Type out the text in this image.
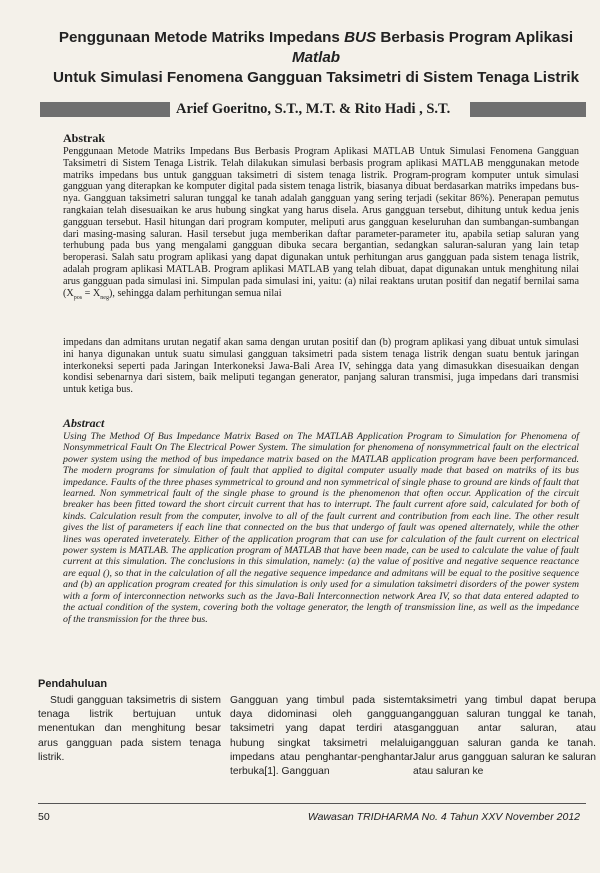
Penggunaan Metode Matriks Impedans BUS Berbasis Program Aplikasi Matlab
Untuk Simulasi Fenomena Gangguan Taksimetri di Sistem Tenaga Listrik
Arief Goeritno, S.T., M.T. & Rito Hadi , S.T.
Abstrak
Penggunaan Metode Matriks Impedans Bus Berbasis Program Aplikasi MATLAB Untuk Simulasi Fenomena Gangguan Taksimetri di Sistem Tenaga Listrik. Telah dilakukan simulasi berbasis program aplikasi MATLAB menggunakan metode matriks impedans bus untuk gangguan taksimetri di sistem tenaga listrik. Program-program komputer untuk simulasi gangguan yang diterapkan ke komputer digital pada sistem tenaga listrik, biasanya dibuat berdasarkan matriks impedans bus-nya. Gangguan taksimetri saluran tunggal ke tanah adalah gangguan yang sering terjadi (sekitar 86%). Penerapan pemutus rangkaian telah disesuaikan ke arus hubung singkat yang harus disela. Arus gangguan tersebut, dihitung untuk kedua jenis gangguan tersebut. Hasil hitungan dari program komputer, meliputi arus gangguan keseluruhan dan sumbangan-sumbangan dari masing-masing saluran. Hasil tersebut juga memberikan daftar parameter-parameter itu, apabila setiap saluran yang terhubung pada bus yang mengalami gangguan dibuka secara bergantian, sedangkan saluran-saluran yang lain tetap beroperasi. Salah satu program aplikasi yang dapat digunakan untuk perhitungan arus gangguan pada sistem tenaga listrik, adalah program aplikasi MATLAB. Program aplikasi MATLAB yang telah dibuat, dapat digunakan untuk menghitung nilai arus gangguan pada simulasi ini. Simpulan pada simulasi ini, yaitu: (a) nilai reaktans urutan positif dan negatif bernilai sama $(X_{pos} = X_{neg})$, sehingga dalam perhitungan semua nilai
impedans dan admitans urutan negatif akan sama dengan urutan positif dan (b) program aplikasi yang dibuat untuk simulasi ini hanya digunakan untuk suatu simulasi gangguan taksimetri pada sistem tenaga listrik dengan suatu bentuk jaringan interkoneksi seperti pada Jaringan Interkoneksi Jawa-Bali Area IV, sehingga data yang dimasukkan disesuaikan dengan kondisi sebenarnya dari sistem, baik meliputi tegangan generator, panjang saluran transmisi, juga impedans dari transmisi untuk ketiga bus.
Abstract
Using The Method Of Bus Impedance Matrix Based on The MATLAB Application Program to Simulation for Phenomena of Nonsymmetrical Fault On The Electrical Power System. The simulation for phenomena of nonsymmetrical fault on the electrical power system using the method of bus impedance matrix based on the MATLAB application program have been performanced. The modern programs for simulation of fault that applied to digital computer usually made that based on matriks of its bus impedance. Faults of the three phases symmetrical to ground and non symmetrical of single phase to ground are kinds of fault that learned. Non symmetrical fault of the single phase to ground is the phenomenon that often occur. Application of the circuit breaker has been fitted toward the short circuit current that has to interrupt. The fault current afore said, calculated for both of kinds. Calculation result from the computer, involve to all of the fault current and contribution from each line. The other result gives the list of parameters if each line that connected on the bus that undergo of fault was opened alternately, while the other lines was operated inveterately. Either of the application program that can use for calculation of the fault current on electrical power system is MATLAB. The application program of MATLAB that have been made, can be used to calculate the value of fault current at this simulation. The conclusions in this simulation, namely: (a) the value of positive and negative sequence reactance are equal (), so that in the calculation of all the negative sequence impedance and admitans will be equal to the positive sequence and (b) an application program created for this simulation is only used for a simulation taksimetri disorders of the power system with a form of interconnection networks such as the Java-Bali Interconnection network Area IV, so that data entered adapted to the actual condition of the system, covering both the voltage generator, the length of transmission line, as well as the impedance of the transmission for the three bus.
Pendahuluan
Studi gangguan taksimetris di sistem tenaga listrik bertujuan untuk menentukan dan menghitung besar arus gangguan pada sistem tenaga listrik.
Gangguan yang timbul pada sistem daya didominasi oleh gangguan taksimetri yang dapat terdiri atas hubung singkat taksimetri melalui impedans atau penghantar-penghantar terbuka[1]. Gangguan
taksimetri yang timbul dapat berupa gangguan saluran tunggal ke tanah, gangguan antar saluran, atau gangguan saluran ganda ke tanah. Jalur arus gangguan saluran ke saluran atau saluran ke
50	Wawasan TRIDHARMA No. 4 Tahun XXV November 2012
